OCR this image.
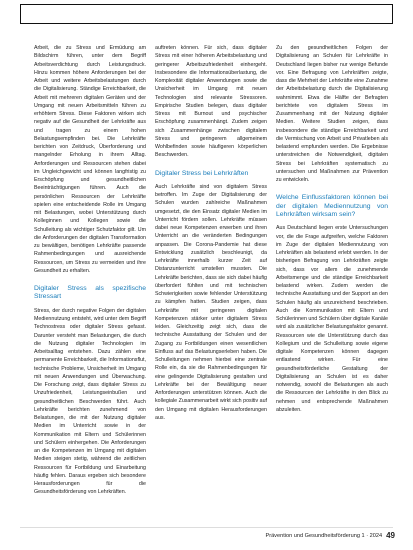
Arbeit, die zu Stress und Ermüdung am Bildschirm führen, unter dem Begriff Arbeitsverdichtung durch Leistungsdruck. Hinzu kommen höhere Anforderungen bei der Arbeit und weitere Arbeitsbelastungen durch die Digitalisierung. Ständige Erreichbarkeit, die Arbeit mit mehreren digitalen Geräten und der Umgang mit neuen Arbeitsmitteln führen zu erhöhtem Stress. Diese Faktoren wirken sich negativ auf die Gesundheit der Lehrkräfte aus und tragen zu einem hohen Belastungsempfinden bei. Die Lehrkräfte berichten von Zeitdruck, Überforderung und mangelnder Erholung in ihrem Alltag. Anforderungen und Ressourcen stehen dabei im Ungleichgewicht und können langfristig zu Erschöpfung und gesundheitlichen Beeinträchtigungen führen. Auch die persönlichen Ressourcen der Lehrkräfte spielen eine entscheidende Rolle im Umgang mit Belastungen, wobei Unterstützung durch Kolleginnen und Kollegen sowie die Schulleitung als wichtiger Schutzfaktor gilt. Um die Anforderungen der digitalen Transformation zu bewältigen, benötigen Lehrkräfte passende Rahmenbedingungen und ausreichende Ressourcen, um Stress zu vermeiden und ihre Gesundheit zu erhalten.

Digitaler Stress als spezifische Stressart

Stress, der durch negative Folgen der digitalen Mediennutzung entsteht, wird unter dem Begriff Technostress oder digitaler Stress gefasst. Darunter versteht man Belastungen, die durch die Nutzung digitaler Technologien im Arbeitsalltag entstehen. Dazu zählen eine permanente Erreichbarkeit, die Informationsflut, technische Probleme, Unsicherheit im Umgang mit neuen Anwendungen und Überwachung. Die Forschung zeigt, dass digitaler Stress zu Unzufriedenheit, Leistungseinbußen und gesundheitlichen Beschwerden führt. Auch Lehrkräfte berichten zunehmend von Belastungen, die mit der Nutzung digitaler Medien im Unterricht sowie in der Kommunikation mit Eltern und Schülerinnen und Schülern einhergehen. Die Anforderungen an die Kompetenzen im Umgang mit digitalen Medien steigen stetig, während die zeitlichen Ressourcen für Fortbildung und Einarbeitung häufig fehlen. Daraus ergeben sich besondere Herausforderungen für die Gesundheitsförderung von Lehrkräften.

auftreten können. Für sich, dass digitaler Stress mit einer höheren Arbeitsbelastung und geringerer Arbeitszufriedenheit einhergeht. Insbesondere die Informationsüberlastung, die Komplexität digitaler Anwendungen sowie die Unsicherheit im Umgang mit neuen Technologien sind relevante Stressoren. Empirische Studien belegen, dass digitaler Stress mit Burnout und psychischer Erschöpfung zusammenhängt. Zudem zeigen sich Zusammenhänge zwischen digitalem Stress und geringerem allgemeinem Wohlbefinden sowie häufigeren körperlichen Beschwerden.

Digitaler Stress bei Lehrkräften

Auch Lehrkräfte sind von digitalem Stress betroffen. Im Zuge der Digitalisierung der Schulen wurden zahlreiche Maßnahmen umgesetzt, die den Einsatz digitaler Medien im Unterricht fördern sollen. Lehrkräfte müssen dabei neue Kompetenzen erwerben und ihren Unterricht an die veränderten Bedingungen anpassen. Die Corona-Pandemie hat diese Entwicklung zusätzlich beschleunigt, da Lehrkräfte innerhalb kurzer Zeit auf Distanzunterricht umstellen mussten. Die Lehrkräfte berichten, dass sie sich dabei häufig überfordert fühlten und mit technischen Schwierigkeiten sowie fehlender Unterstützung zu kämpfen hatten. Studien zeigen, dass Lehrkräfte mit geringeren digitalen Kompetenzen stärker unter digitalem Stress leiden. Gleichzeitig zeigt sich, dass die technische Ausstattung der Schulen und der Zugang zu Fortbildungen einen wesentlichen Einfluss auf das Belastungserleben haben. Die Schulleitungen nehmen hierbei eine zentrale Rolle ein, da sie die Rahmenbedingungen für eine gelingende Digitalisierung gestalten und Lehrkräfte bei der Bewältigung neuer Anforderungen unterstützen können. Auch die kollegiale Zusammenarbeit wirkt sich positiv auf den Umgang mit digitalen Herausforderungen aus.

Zu den gesundheitlichen Folgen der Digitalisierung an Schulen für Lehrkräfte in Deutschland liegen bisher nur wenige Befunde vor. Eine Befragung von Lehrkräften zeigte, dass die Mehrheit der Lehrkräfte eine Zunahme der Arbeitsbelastung durch die Digitalisierung wahrnimmt. Etwa die Hälfte der Befragten berichtete von digitalem Stress im Zusammenhang mit der Nutzung digitaler Medien. Weitere Studien zeigen, dass insbesondere die ständige Erreichbarkeit und die Vermischung von Arbeit und Privatleben als belastend empfunden werden. Die Ergebnisse unterstreichen die Notwendigkeit, digitalen Stress bei Lehrkräften systematisch zu untersuchen und Maßnahmen zur Prävention zu entwickeln.

Welche Einflussfaktoren können bei der digitalen Mediennutzung von Lehrkräften wirksam sein?

Aus Deutschland liegen erste Untersuchungen vor, die die Frage aufgreifen, welche Faktoren im Zuge der digitalen Mediennutzung von Lehrkräften als belastend erlebt werden. In der bisherigen Befragung von Lehrkräften zeigte sich, dass vor allem die zunehmende Arbeitsmenge und die ständige Erreichbarkeit belastend wirken. Zudem werden die technische Ausstattung und der Support an den Schulen häufig als unzureichend beschrieben. Auch die Kommunikation mit Eltern und Schülerinnen und Schülern über digitale Kanäle wird als zusätzlicher Belastungsfaktor genannt. Ressourcen wie die Unterstützung durch das Kollegium und die Schulleitung sowie eigene digitale Kompetenzen können dagegen entlastend wirken. Für eine gesundheitsförderliche Gestaltung der Digitalisierung an Schulen ist es daher notwendig, sowohl die Belastungen als auch die Ressourcen der Lehrkräfte in den Blick zu nehmen und entsprechende Maßnahmen abzuleiten.

Prävention und Gesundheitsförderung 1 · 2024 49
